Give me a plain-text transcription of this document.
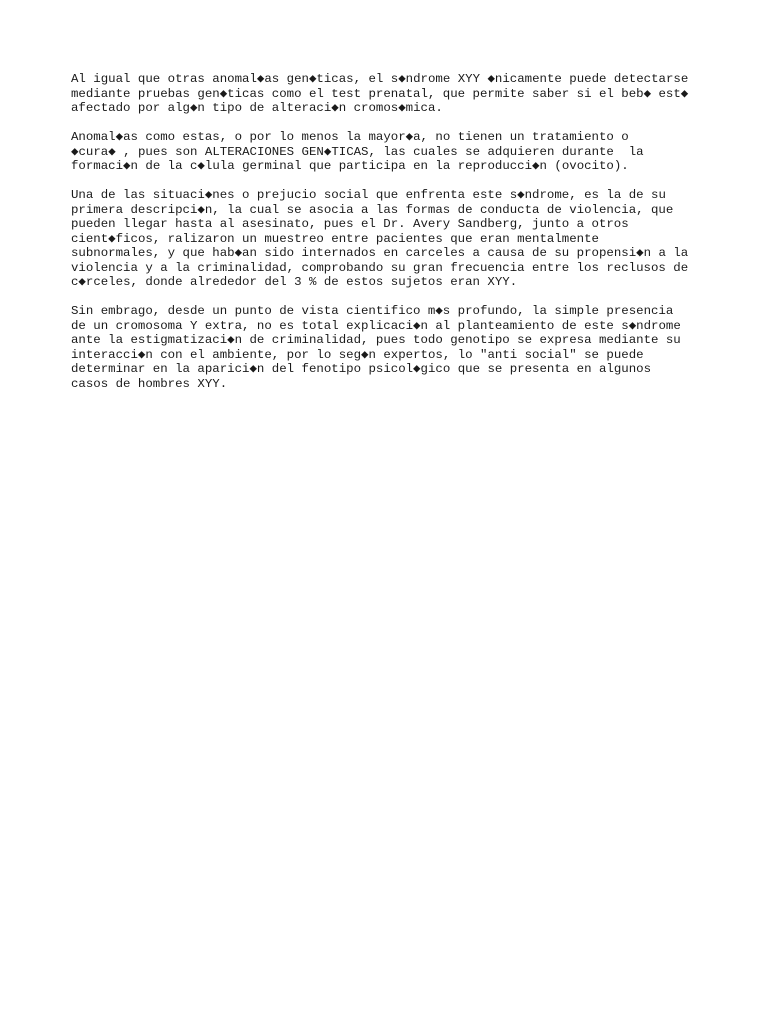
Al igual que otras anomal◆as gen◆ticas, el s◆ndrome XYY ◆nicamente puede detectarse
mediante pruebas gen◆ticas como el test prenatal, que permite saber si el beb◆ est◆
afectado por alg◆n tipo de alteraci◆n cromos◆mica.

Anomal◆as como estas, o por lo menos la mayor◆a, no tienen un tratamiento o
◆cura◆ , pues son ALTERACIONES GEN◆TICAS, las cuales se adquieren durante  la
formaci◆n de la c◆lula germinal que participa en la reproducci◆n (ovocito).

Una de las situaci◆nes o prejucio social que enfrenta este s◆ndrome, es la de su
primera descripci◆n, la cual se asocia a las formas de conducta de violencia, que
pueden llegar hasta al asesinato, pues el Dr. Avery Sandberg, junto a otros
cient◆ficos, ralizaron un muestreo entre pacientes que eran mentalmente
subnormales, y que hab◆an sido internados en carceles a causa de su propensi◆n a la
violencia y a la criminalidad, comprobando su gran frecuencia entre los reclusos de
c◆rceles, donde alrededor del 3 % de estos sujetos eran XYY.

Sin embrago, desde un punto de vista cientifico m◆s profundo, la simple presencia
de un cromosoma Y extra, no es total explicaci◆n al planteamiento de este s◆ndrome
ante la estigmatizaci◆n de criminalidad, pues todo genotipo se expresa mediante su
interacci◆n con el ambiente, por lo seg◆n expertos, lo "anti social" se puede
determinar en la aparici◆n del fenotipo psicol◆gico que se presenta en algunos
casos de hombres XYY.
